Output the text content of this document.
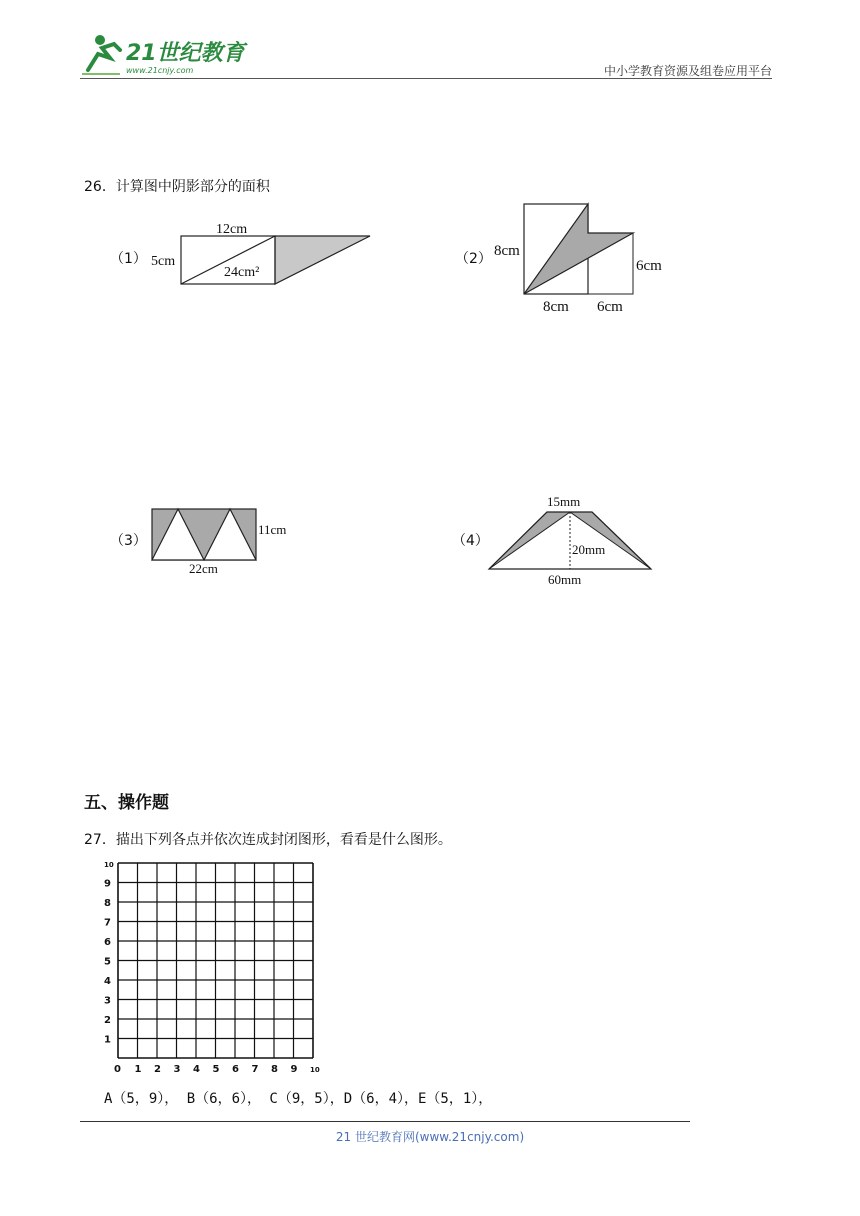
21世纪教育
www.21cnjy.com	中小学教育资源及组卷应用平台
26．计算图中阴影部分的面积
（1）
12cm
5cm
24cm²
（2） 8cm
6cm
8cm 6cm
（3）
11cm
22cm
（4）
15mm
20mm
60mm
五、操作题
27．描出下列各点并依次连成封闭图形，看看是什么图形。
0 1 2 3 4 5 6 7 8 9 10
1
2
3
4
5
6
7
8
9
10
A（5，9）， B（6，6）， C（9，5），D（6，4），E（5，1），
21 世纪教育网(www.21cnjy.com)
